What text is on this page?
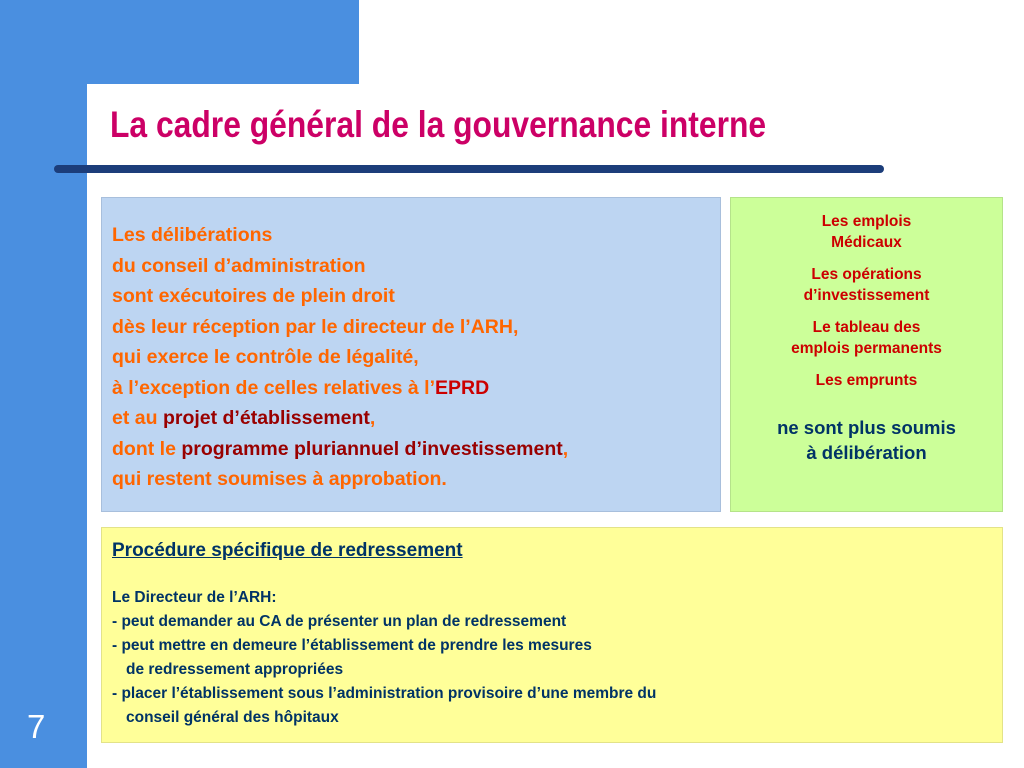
La cadre général de la gouvernance interne
Les délibérations
du conseil d’administration
sont exécutoires de plein droit
dès leur réception par le directeur de l’ARH,
qui exerce le contrôle de légalité,
à l’exception de celles relatives à l’EPRD
et au projet d’établissement,
dont le programme pluriannuel d’investissement,
qui restent soumises à approbation.
Les emplois
Médicaux
Les opérations
d’investissement
Le tableau des
emplois permanents
Les emprunts
ne sont plus soumis
à délibération
Procédure spécifique de redressement
Le Directeur de l’ARH:
- peut demander au CA de présenter un plan de redressement
- peut mettre en demeure l’établissement de prendre les mesures
de redressement appropriées
- placer l’établissement sous l’administration provisoire d’une membre du
conseil général des hôpitaux
7
